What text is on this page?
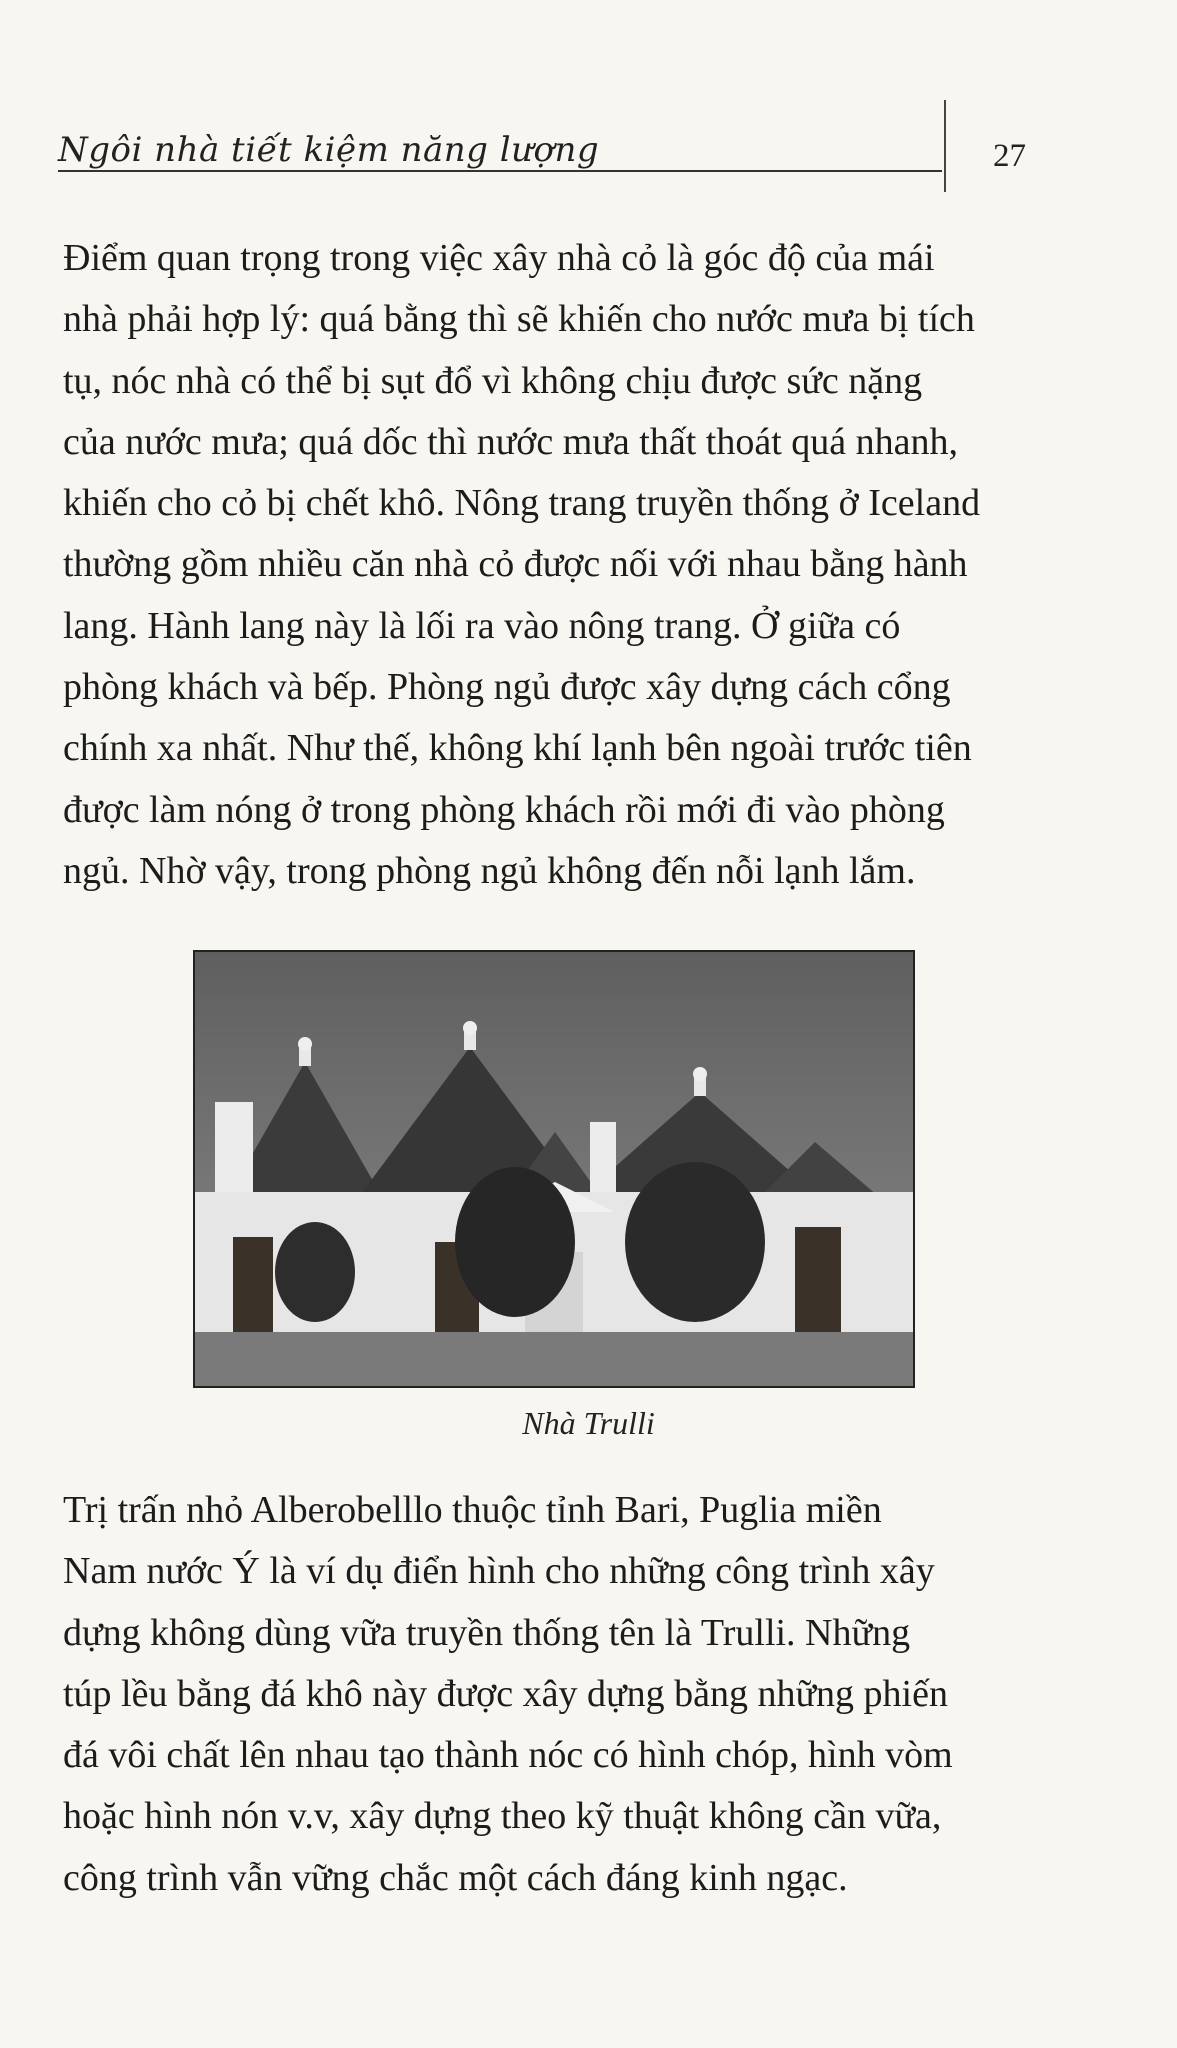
Ngôi nhà tiết kiệm năng lượng	27

Điểm quan trọng trong việc xây nhà cỏ là góc độ của mái
nhà phải hợp lý: quá bằng thì sẽ khiến cho nước mưa bị tích
tụ, nóc nhà có thể bị sụt đổ vì không chịu được sức nặng
của nước mưa; quá dốc thì nước mưa thất thoát quá nhanh,
khiến cho cỏ bị chết khô. Nông trang truyền thống ở Iceland
thường gồm nhiều căn nhà cỏ được nối với nhau bằng hành
lang. Hành lang này là lối ra vào nông trang. Ở giữa có
phòng khách và bếp. Phòng ngủ được xây dựng cách cổng
chính xa nhất. Như thế, không khí lạnh bên ngoài trước tiên
được làm nóng ở trong phòng khách rồi mới đi vào phòng
ngủ. Nhờ vậy, trong phòng ngủ không đến nỗi lạnh lắm.

Nhà Trulli

Trị trấn nhỏ Alberobelllo thuộc tỉnh Bari, Puglia miền
Nam nước Ý là ví dụ điển hình cho những công trình xây
dựng không dùng vữa truyền thống tên là Trulli. Những
túp lều bằng đá khô này được xây dựng bằng những phiến
đá vôi chất lên nhau tạo thành nóc có hình chóp, hình vòm
hoặc hình nón v.v, xây dựng theo kỹ thuật không cần vữa,
công trình vẫn vững chắc một cách đáng kinh ngạc.
